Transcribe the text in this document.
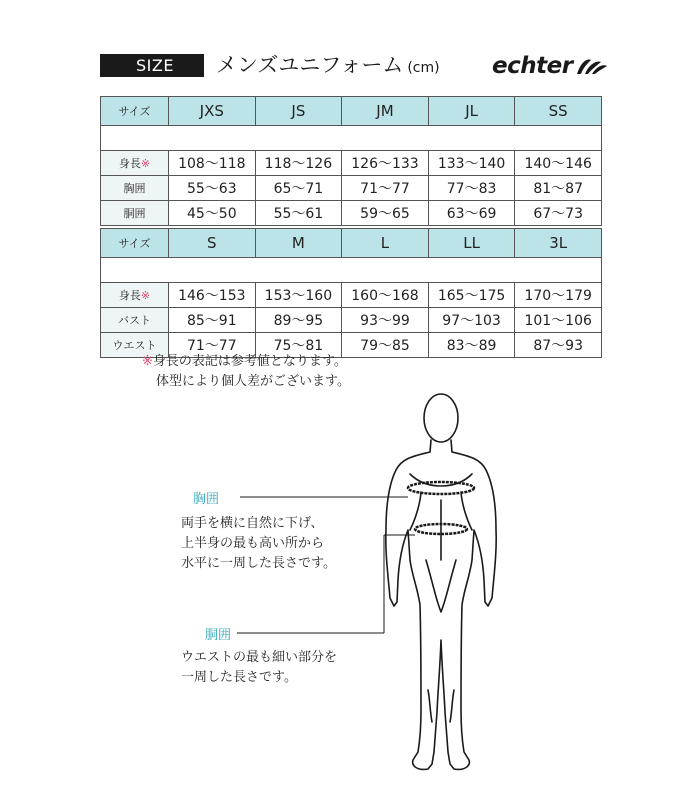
SIZE	メンズユニフォーム (cm) echter
サイズ	JXS	JS	JM	JL	SS

身長※	108〜118	118〜126	126〜133	133〜140	140〜146
胸囲	55〜63	65〜71	71〜77	77〜83	81〜87
胴囲	45〜50	55〜61	59〜65	63〜69	67〜73
サイズ	S	M	L	LL	3L

身長※	146〜153	153〜160	160〜168	165〜175	170〜179
バスト	85〜91	89〜95	93〜99	97〜103	101〜106
ウエスト	71〜77	75〜81	79〜85	83〜89	87〜93
※身長の表記は参考値となります。
体型により個人差がございます。
胸囲
両手を横に自然に下げ、
上半身の最も高い所から
水平に一周した長さです。
胴囲
ウエストの最も細い部分を
一周した長さです。
